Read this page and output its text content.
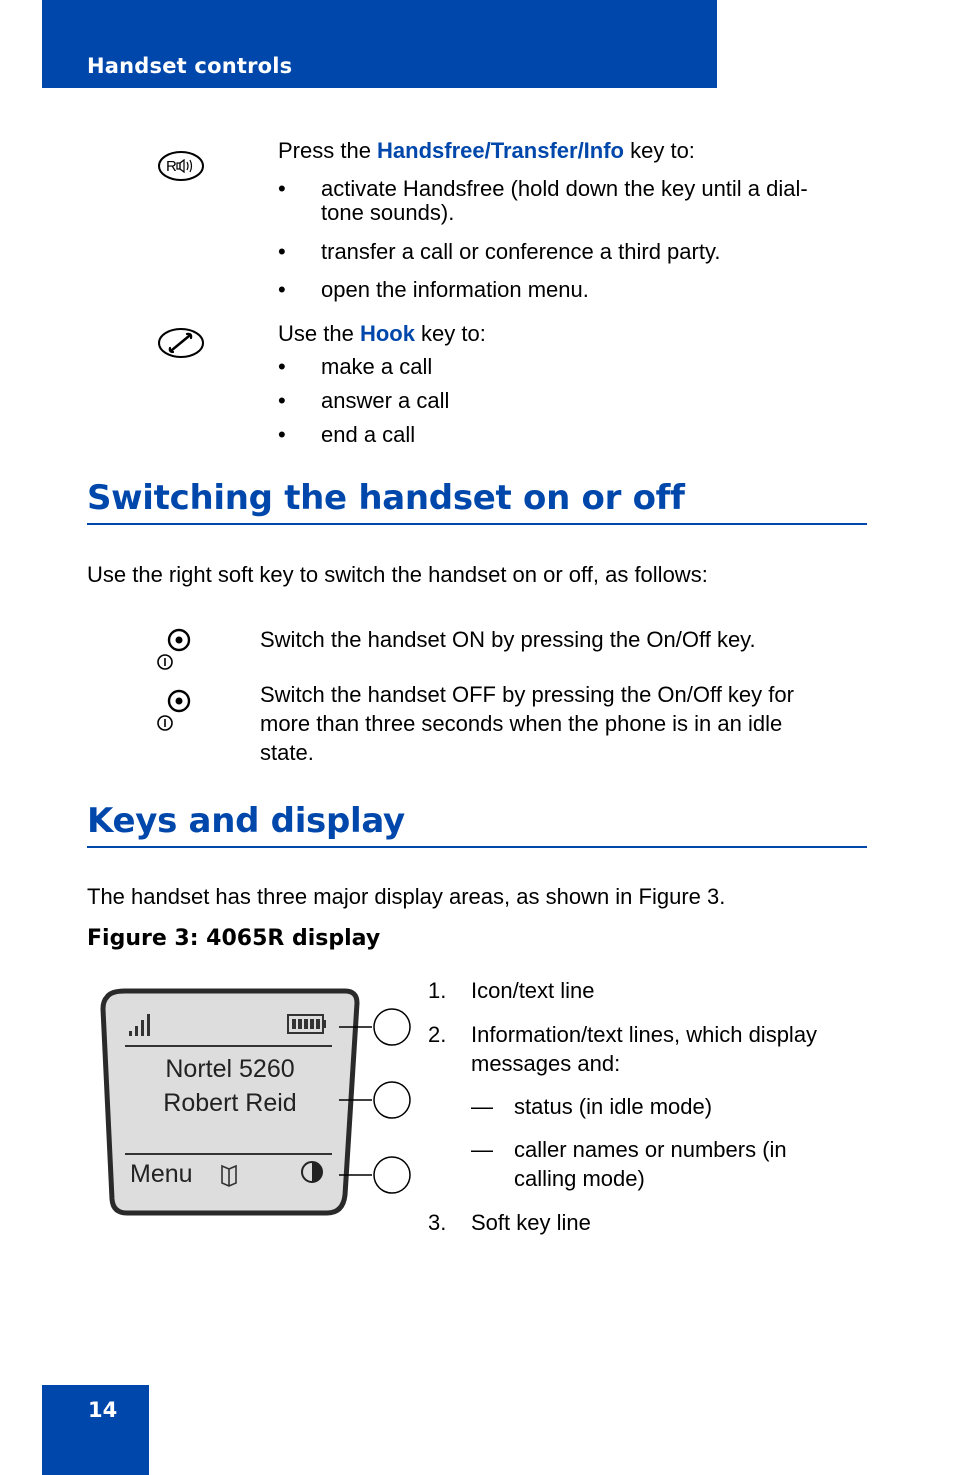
Handset controls
R
Press the Handsfree/Transfer/Info key to:
• activate Handsfree (hold down the key until a dial-
tone sounds).
• transfer a call or conference a third party.
• open the information menu.
Use the Hook key to:
• make a call
• answer a call
• end a call
Switching the handset on or off
Use the right soft key to switch the handset on or off, as follows:
Switch the handset ON by pressing the On/Off key.
Switch the handset OFF by pressing the On/Off key for
more than three seconds when the phone is in an idle
state.
Keys and display
The handset has three major display areas, as shown in Figure 3.
Figure 3: 4065R display
Nortel 5260
Robert Reid
Menu
1. Icon/text line
2. Information/text lines, which display
messages and:
— status (in idle mode)
— caller names or numbers (in
calling mode)
3. Soft key line
14
